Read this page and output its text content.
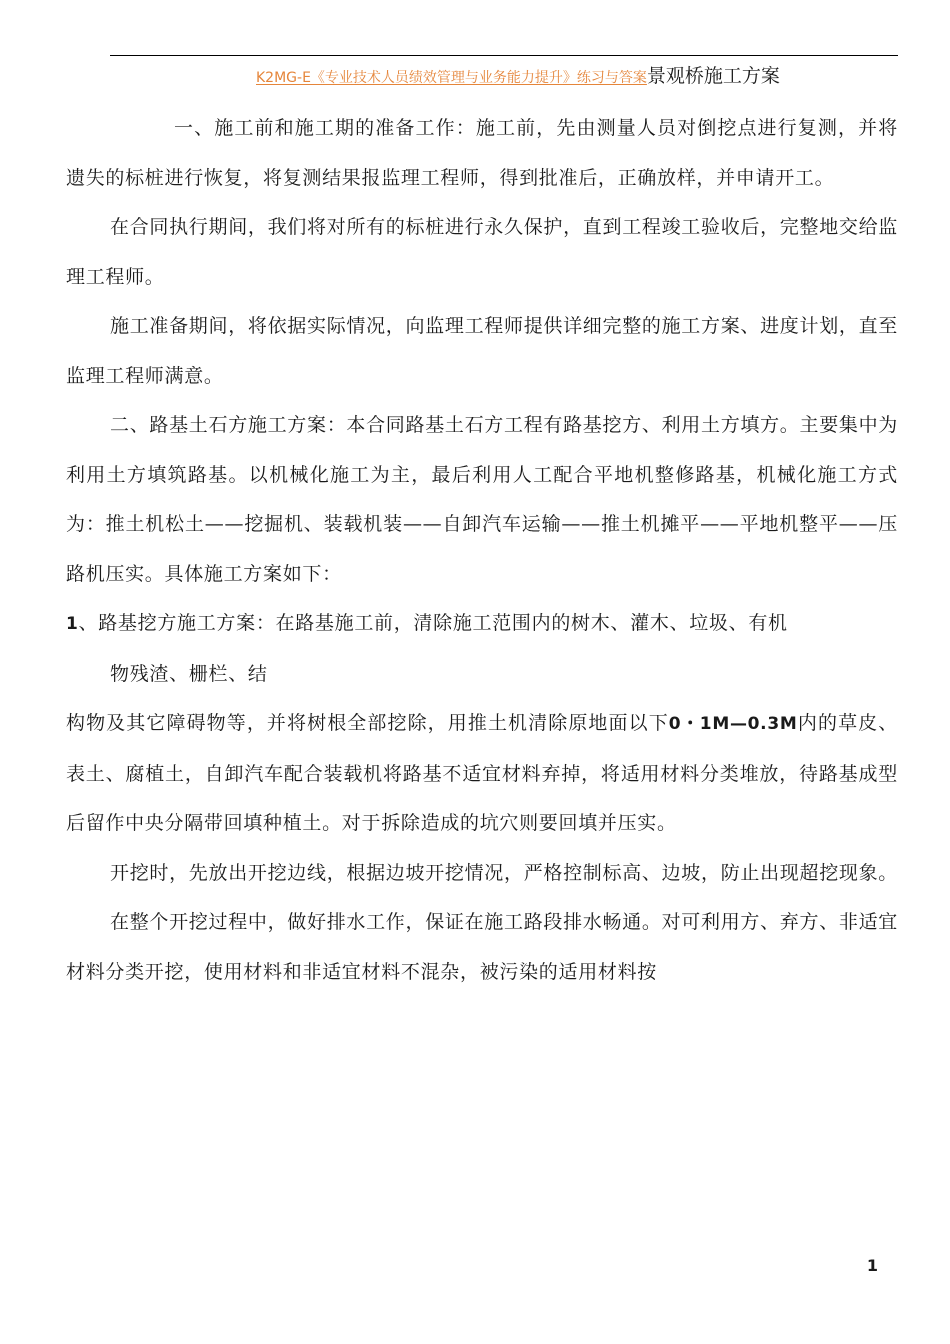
K2MG-E《专业技术人员绩效管理与业务能力提升》练习与答案景观桥施工方案

一、施工前和施工期的准备工作：施工前，先由测量人员对倒挖点进行复测，并将遗失的标桩进行恢复，将复测结果报监理工程师，得到批准后，正确放样，并申请开工。

在合同执行期间，我们将对所有的标桩进行永久保护，直到工程竣工验收后，完整地交给监理工程师。

施工准备期间，将依据实际情况，向监理工程师提供详细完整的施工方案、进度计划，直至监理工程师满意。

二、路基土石方施工方案：本合同路基土石方工程有路基挖方、利用土方填方。主要集中为利用土方填筑路基。以机械化施工为主，最后利用人工配合平地机整修路基，机械化施工方式为：推土机松土——挖掘机、装载机装——自卸汽车运输——推土机摊平——平地机整平——压路机压实。具体施工方案如下：

1、路基挖方施工方案：在路基施工前，清除施工范围内的树木、灌木、垃圾、有机

物残渣、栅栏、结

构物及其它障碍物等，并将树根全部挖除，用推土机清除原地面以下0・1M—0.3M内的草皮、表土、腐植土，自卸汽车配合装载机将路基不适宜材料弃掉，将适用材料分类堆放，待路基成型后留作中央分隔带回填种植土。对于拆除造成的坑穴则要回填并压实。

开挖时，先放出开挖边线，根据边坡开挖情况，严格控制标高、边坡，防止出现超挖现象。

在整个开挖过程中，做好排水工作，保证在施工路段排水畅通。对可利用方、弃方、非适宜材料分类开挖，使用材料和非适宜材料不混杂，被污染的适用材料按

1
